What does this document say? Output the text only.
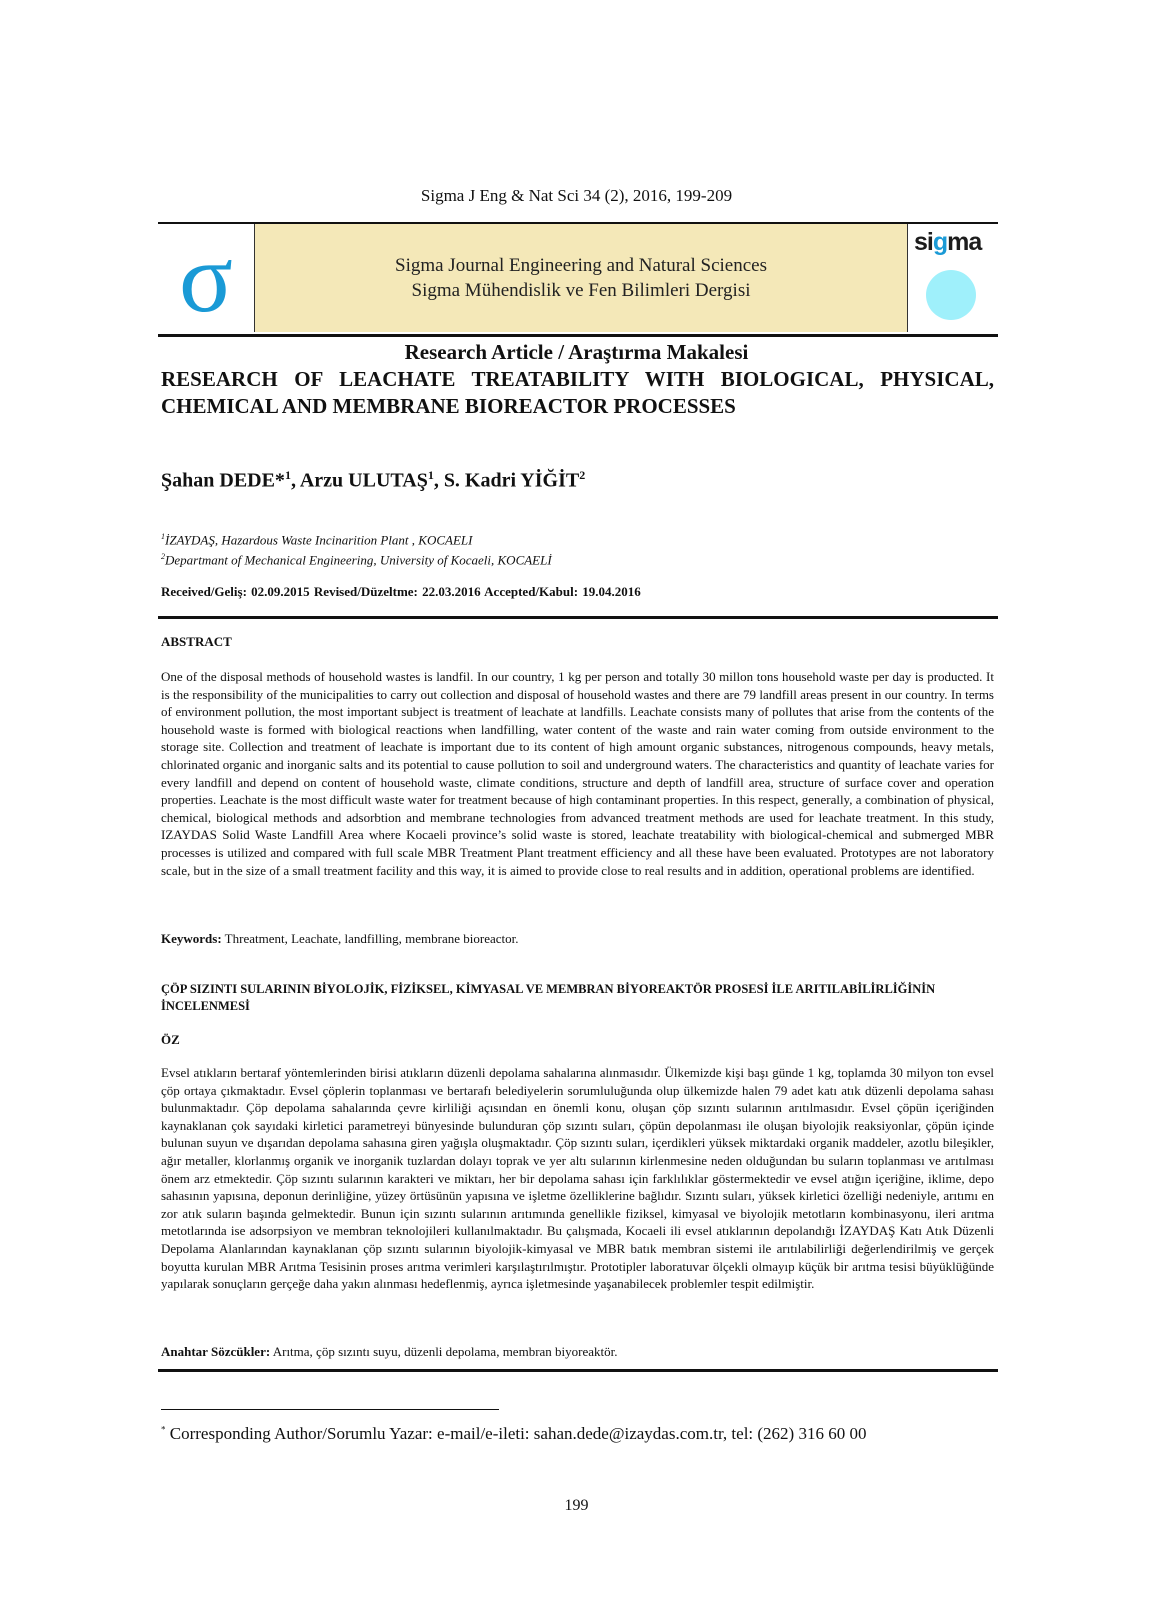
Sigma J Eng & Nat Sci 34 (2), 2016, 199-209
σ	Sigma Journal Engineering and Natural Sciences
Sigma Mühendislik ve Fen Bilimleri Dergisi
sigma
Research Article / Araştırma Makalesi
RESEARCH OF LEACHATE TREATABILITY WITH BIOLOGICAL, PHYSICAL, CHEMICAL AND MEMBRANE BIOREACTOR PROCESSES
Şahan DEDE*$^1$, Arzu ULUTAŞ$^1$, S. Kadri YİĞİT$^2$
$^1$İZAYDAŞ, Hazardous Waste Incinarition Plant , KOCAELI
$^2$Departmant of Mechanical Engineering, University of Kocaeli, KOCAELİ
Received/Geliş: 02.09.2015 Revised/Düzeltme: 22.03.2016 Accepted/Kabul: 19.04.2016
ABSTRACT
One of the disposal methods of household wastes is landfil. In our country, 1 kg per person and totally 30 millon tons household waste per day is producted. It is the responsibility of the municipalities to carry out collection and disposal of household wastes and there are 79 landfill areas present in our country. In terms of environment pollution, the most important subject is treatment of leachate at landfills. Leachate consists many of pollutes that arise from the contents of the household waste is formed with biological reactions when landfilling, water content of the waste and rain water coming from outside environment to the storage site. Collection and treatment of leachate is important due to its content of high amount organic substances, nitrogenous compounds, heavy metals, chlorinated organic and inorganic salts and its potential to cause pollution to soil and underground waters. The characteristics and quantity of leachate varies for every landfill and depend on content of household waste, climate conditions, structure and depth of landfill area, structure of surface cover and operation properties. Leachate is the most difficult waste water for treatment because of high contaminant properties. In this respect, generally, a combination of physical, chemical, biological methods and adsorbtion and membrane technologies from advanced treatment methods are used for leachate treatment. In this study, IZAYDAS Solid Waste Landfill Area where Kocaeli province’s solid waste is stored, leachate treatability with biological-chemical and submerged MBR processes is utilized and compared with full scale MBR Treatment Plant treatment efficiency and all these have been evaluated. Prototypes are not laboratory scale, but in the size of a small treatment facility and this way, it is aimed to provide close to real results and in addition, operational problems are identified.
Keywords: Threatment, Leachate, landfilling, membrane bioreactor.
ÇÖP SIZINTI SULARININ BİYOLOJİK, FİZİKSEL, KİMYASAL VE MEMBRAN BİYOREAKTÖR PROSESİ İLE ARITILABİLİRLİĞİNİN İNCELENMESİ
ÖZ
Evsel atıkların bertaraf yöntemlerinden birisi atıkların düzenli depolama sahalarına alınmasıdır. Ülkemizde kişi başı günde 1 kg, toplamda 30 milyon ton evsel çöp ortaya çıkmaktadır. Evsel çöplerin toplanması ve bertarafı belediyelerin sorumluluğunda olup ülkemizde halen 79 adet katı atık düzenli depolama sahası bulunmaktadır. Çöp depolama sahalarında çevre kirliliği açısından en önemli konu, oluşan çöp sızıntı sularının arıtılmasıdır. Evsel çöpün içeriğinden kaynaklanan çok sayıdaki kirletici parametreyi bünyesinde bulunduran çöp sızıntı suları, çöpün depolanması ile oluşan biyolojik reaksiyonlar, çöpün içinde bulunan suyun ve dışarıdan depolama sahasına giren yağışla oluşmaktadır. Çöp sızıntı suları, içerdikleri yüksek miktardaki organik maddeler, azotlu bileşikler, ağır metaller, klorlanmış organik ve inorganik tuzlardan dolayı toprak ve yer altı sularının kirlenmesine neden olduğundan bu suların toplanması ve arıtılması önem arz etmektedir. Çöp sızıntı sularının karakteri ve miktarı, her bir depolama sahası için farklılıklar göstermektedir ve evsel atığın içeriğine, iklime, depo sahasının yapısına, deponun derinliğine, yüzey örtüsünün yapısına ve işletme özelliklerine bağlıdır. Sızıntı suları, yüksek kirletici özelliği nedeniyle, arıtımı en zor atık suların başında gelmektedir. Bunun için sızıntı sularının arıtımında genellikle fiziksel, kimyasal ve biyolojik metotların kombinasyonu, ileri arıtma metotlarında ise adsorpsiyon ve membran teknolojileri kullanılmaktadır. Bu çalışmada, Kocaeli ili evsel atıklarının depolandığı İZAYDAŞ Katı Atık Düzenli Depolama Alanlarından kaynaklanan çöp sızıntı sularının biyolojik-kimyasal ve MBR batık membran sistemi ile arıtılabilirliği değerlendirilmiş ve gerçek boyutta kurulan MBR Arıtma Tesisinin proses arıtma verimleri karşılaştırılmıştır. Prototipler laboratuvar ölçekli olmayıp küçük bir arıtma tesisi büyüklüğünde yapılarak sonuçların gerçeğe daha yakın alınması hedeflenmiş, ayrıca işletmesinde yaşanabilecek problemler tespit edilmiştir.
Anahtar Sözcükler: Arıtma, çöp sızıntı suyu, düzenli depolama, membran biyoreaktör.
* Corresponding Author/Sorumlu Yazar: e-mail/e-ileti: sahan.dede@izaydas.com.tr, tel: (262) 316 60 00
199
